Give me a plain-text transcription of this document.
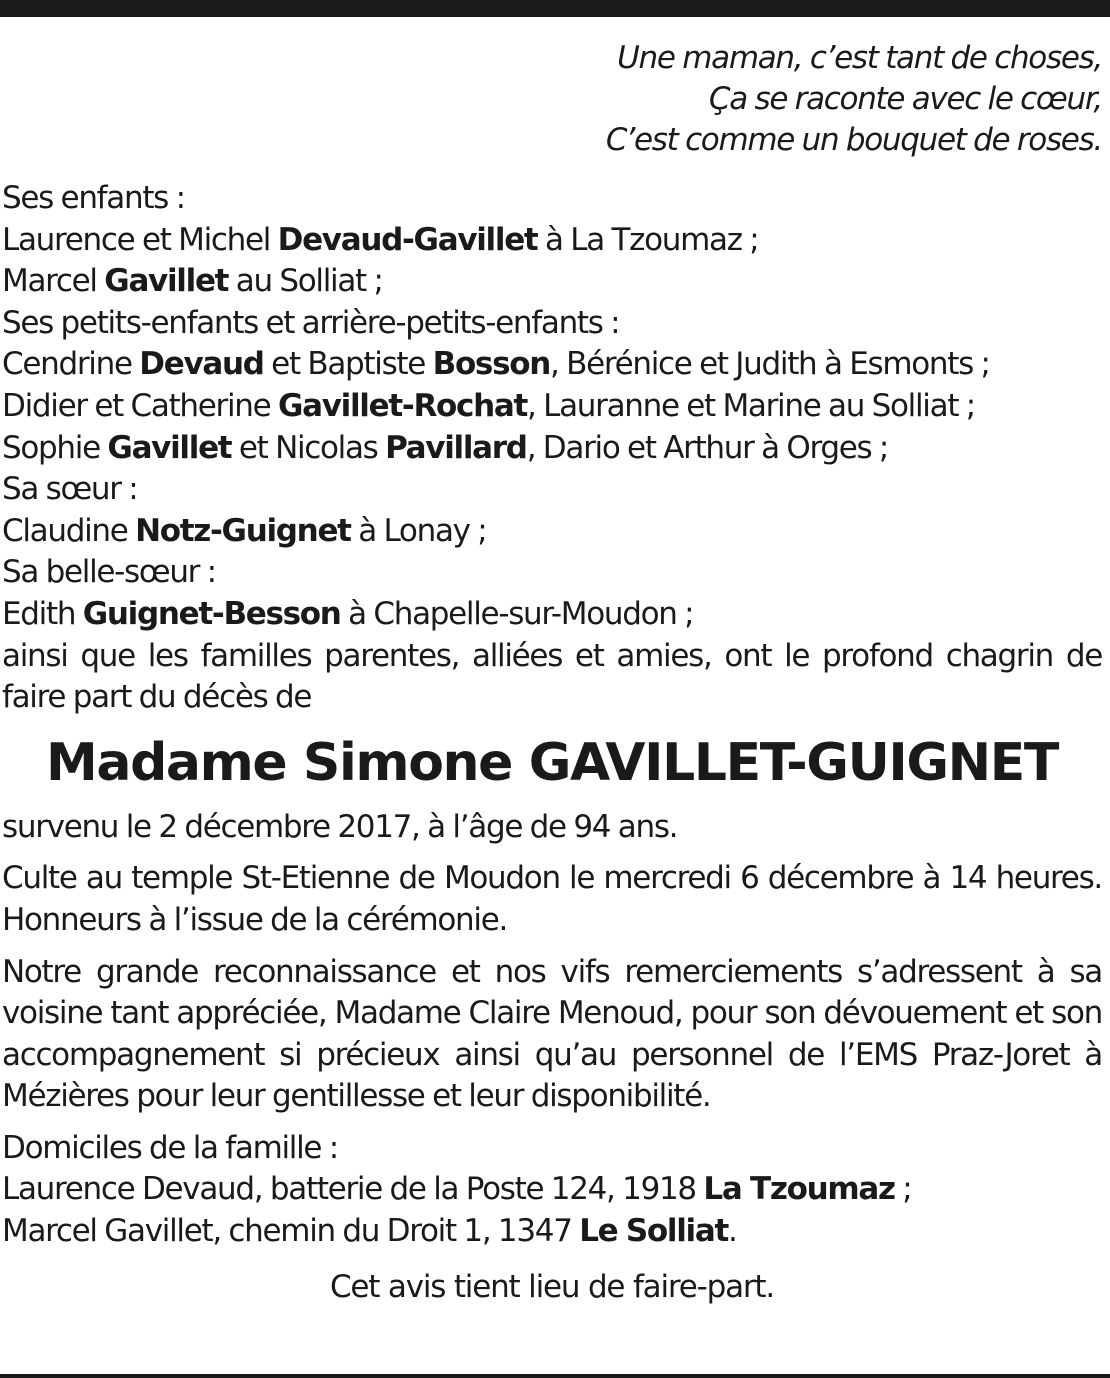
Une maman, c’est tant de choses,
Ça se raconte avec le cœur,
C’est comme un bouquet de roses.
Ses enfants :
Laurence et Michel Devaud-Gavillet à La Tzoumaz ;
Marcel Gavillet au Solliat ;
Ses petits-enfants et arrière-petits-enfants :
Cendrine Devaud et Baptiste Bosson, Bérénice et Judith à Esmonts ;
Didier et Catherine Gavillet-Rochat, Lauranne et Marine au Solliat ;
Sophie Gavillet et Nicolas Pavillard, Dario et Arthur à Orges ;
Sa sœur :
Claudine Notz-Guignet à Lonay ;
Sa belle-sœur :
Edith Guignet-Besson à Chapelle-sur-Moudon ;
ainsi que les familles parentes, alliées et amies, ont le profond chagrin de faire part du décès de
Madame Simone GAVILLET-GUIGNET
survenu le 2 décembre 2017, à l’âge de 94 ans.
Culte au temple St-Etienne de Moudon le mercredi 6 décembre à 14 heures. Honneurs à l’issue de la cérémonie.
Notre grande reconnaissance et nos vifs remerciements s’adressent à sa voisine tant appréciée, Madame Claire Menoud, pour son dévouement et son accompagnement si précieux ainsi qu’au personnel de l’EMS Praz-Joret à Mézières pour leur gentillesse et leur disponibilité.
Domiciles de la famille :
Laurence Devaud, batterie de la Poste 124, 1918 La Tzoumaz ;
Marcel Gavillet, chemin du Droit 1, 1347 Le Solliat.
Cet avis tient lieu de faire-part.
